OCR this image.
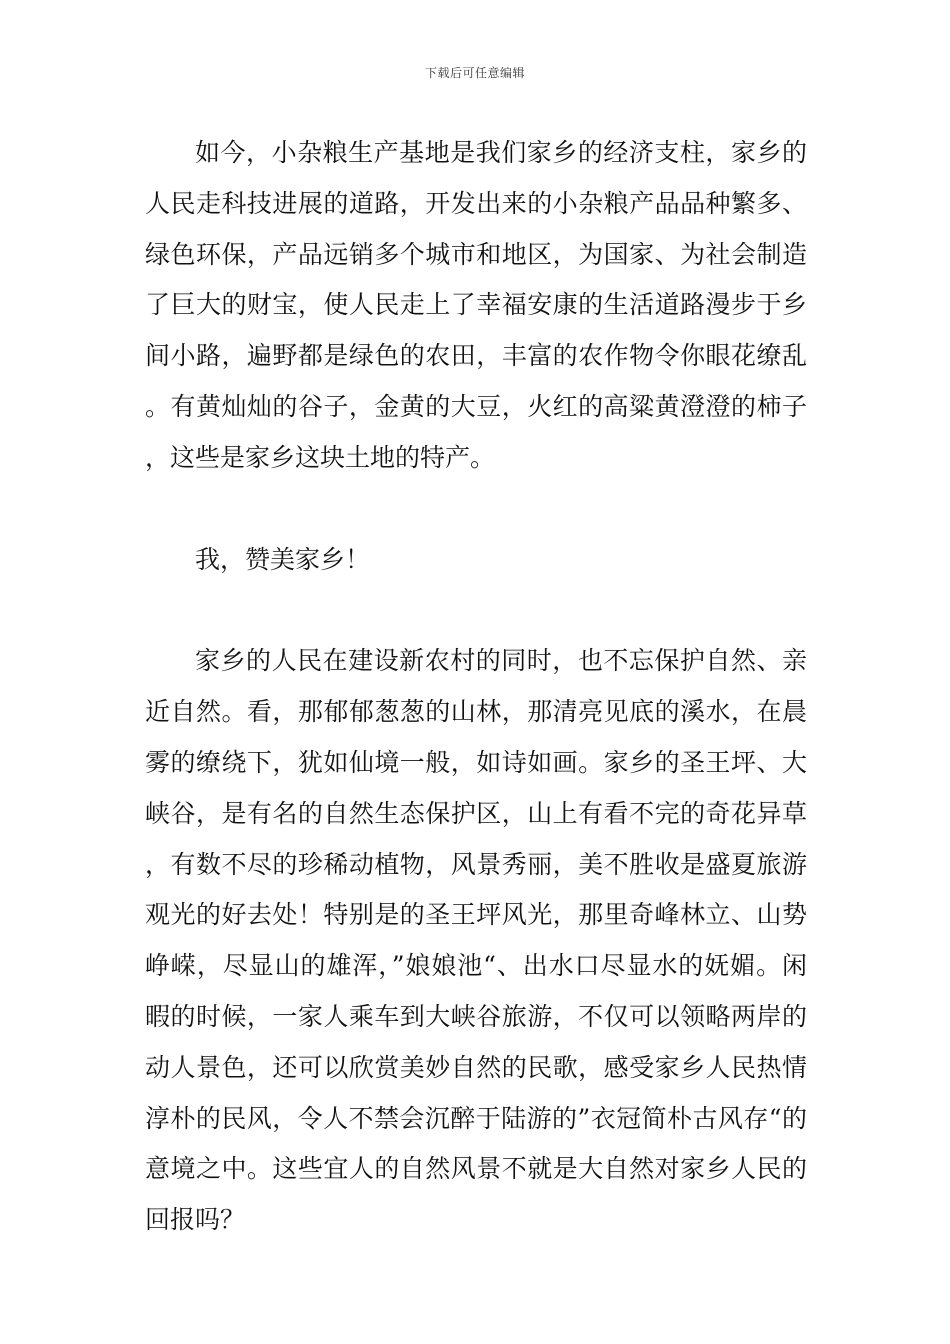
下载后可任意编辑

如今，小杂粮生产基地是我们家乡的经济支柱，家乡的人民走科技进展的道路，开发出来的小杂粮产品品种繁多、绿色环保，产品远销多个城市和地区，为国家、为社会制造了巨大的财宝，使人民走上了幸福安康的生活道路漫步于乡间小路，遍野都是绿色的农田，丰富的农作物令你眼花缭乱。有黄灿灿的谷子，金黄的大豆，火红的高粱黄澄澄的柿子，这些是家乡这块土地的特产。

我，赞美家乡！

家乡的人民在建设新农村的同时，也不忘保护自然、亲近自然。看，那郁郁葱葱的山林，那清亮见底的溪水，在晨雾的缭绕下，犹如仙境一般，如诗如画。家乡的圣王坪、大峡谷，是有名的自然生态保护区，山上有看不完的奇花异草，有数不尽的珍稀动植物，风景秀丽，美不胜收是盛夏旅游观光的好去处！特别是的圣王坪风光，那里奇峰林立、山势峥嵘，尽显山的雄浑，”娘娘池“、出水口尽显水的妩媚。闲暇的时候，一家人乘车到大峡谷旅游，不仅可以领略两岸的动人景色，还可以欣赏美妙自然的民歌，感受家乡人民热情淳朴的民风，令人不禁会沉醉于陆游的”衣冠简朴古风存“的意境之中。这些宜人的自然风景不就是大自然对家乡人民的回报吗？
